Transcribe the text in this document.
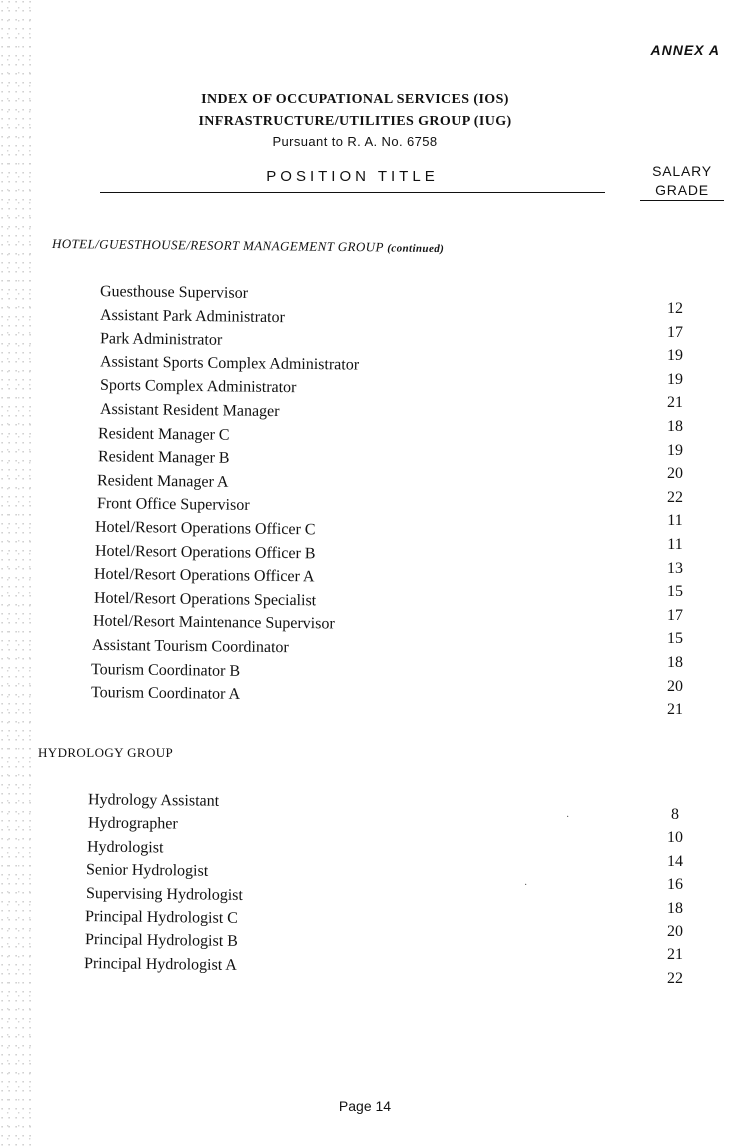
ANNEX A
INDEX OF OCCUPATIONAL SERVICES (IOS)
INFRASTRUCTURE/UTILITIES GROUP (IUG)
Pursuant to R. A. No. 6758
POSITION TITLE	SALARY
GRADE
HOTEL/GUESTHOUSE/RESORT MANAGEMENT GROUP (continued)
HYDROLOGY GROUP
Guesthouse Supervisor
12
Assistant Park Administrator
17
Park Administrator
19
Assistant Sports Complex Administrator
19
Sports Complex Administrator
21
Assistant Resident Manager
18
Resident Manager C
19
Resident Manager B
20
Resident Manager A
22
Front Office Supervisor
11
Hotel/Resort Operations Officer C
11
Hotel/Resort Operations Officer B
13
Hotel/Resort Operations Officer A
15
Hotel/Resort Operations Specialist
17
Hotel/Resort Maintenance Supervisor
15
Assistant Tourism Coordinator
18
Tourism Coordinator B
20
Tourism Coordinator A
21
Hydrology Assistant
8
Hydrographer
10
Hydrologist
14
Senior Hydrologist
16
Supervising Hydrologist
18
Principal Hydrologist C
20
Principal Hydrologist B
21
Principal Hydrologist A
22
·
·
Page 14
